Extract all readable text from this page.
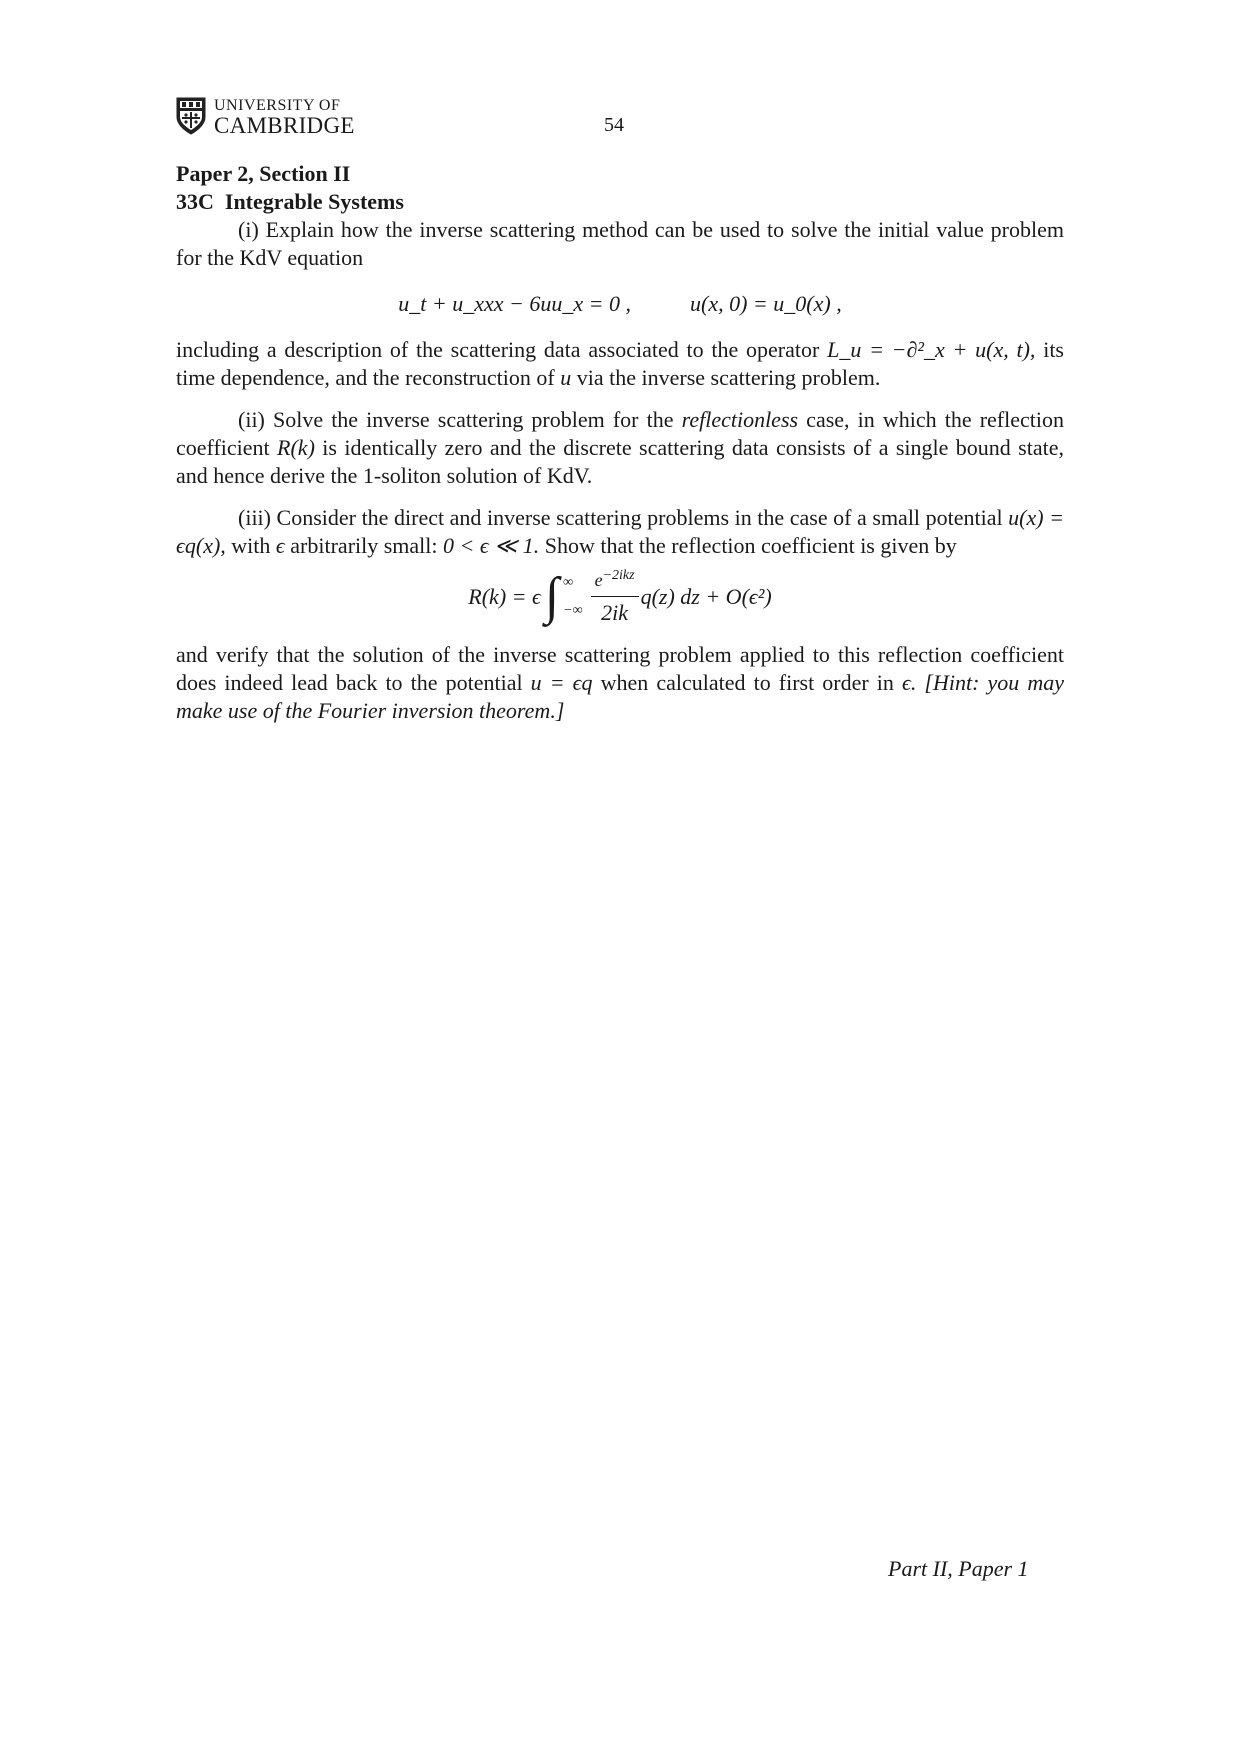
UNIVERSITY OF
CAMBRIDGE	54
Paper 2, Section II
33C  Integrable Systems

(i) Explain how the inverse scattering method can be used to solve the initial value problem for the KdV equation

u_t + u_xxx − 6uu_x = 0 ,	u(x, 0) = u_0(x) ,

including a description of the scattering data associated to the operator L_u = −∂²_x + u(x, t), its time dependence, and the reconstruction of u via the inverse scattering problem.

(ii) Solve the inverse scattering problem for the reflectionless case, in which the reflection coefficient R(k) is identically zero and the discrete scattering data consists of a single bound state, and hence derive the 1-soliton solution of KdV.

(iii) Consider the direct and inverse scattering problems in the case of a small potential u(x) = ϵq(x), with ϵ arbitrarily small: 0 < ϵ ≪ 1. Show that the reflection coefficient is given by

R(k) = ϵ ∫ ∞
−∞ $\frac{e^{-2ikz}}{2ik} q(z)$ dz + O(ϵ²)

and verify that the solution of the inverse scattering problem applied to this reflection coefficient does indeed lead back to the potential u = ϵq when calculated to first order in ϵ. [Hint: you may make use of the Fourier inversion theorem.]

Part II, Paper 1
